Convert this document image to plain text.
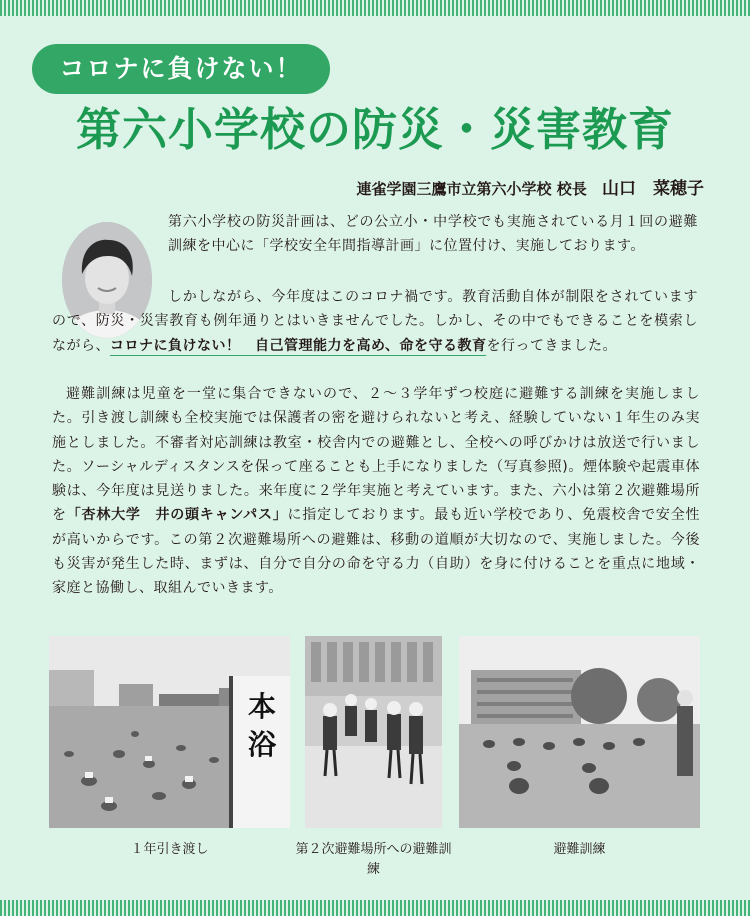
コロナに負けない！
第六小学校の防災・災害教育
連雀学園三鷹市立第六小学校 校長 山口　菜穂子
第六小学校の防災計画は、どの公立小・中学校でも実施されている月１回の避難訓練を中心に「学校安全年間指導計画」に位置付け、実施しております。
しかしながら、今年度はこのコロナ禍です。教育活動自体が制限をされていますので、防災・災害教育も例年通りとはいきませんでした。しかし、その中でもできることを模索しながら、コロナに負けない！　自己管理能力を高め、命を守る教育を行ってきました。
避難訓練は児童を一堂に集合できないので、２～３学年ずつ校庭に避難する訓練を実施しました。引き渡し訓練も全校実施では保護者の密を避けられないと考え、経験していない１年生のみ実施としました。不審者対応訓練は教室・校舎内での避難とし、全校への呼びかけは放送で行いました。ソーシャルディスタンスを保って座ることも上手になりました（写真参照)。煙体験や起震車体験は、今年度は見送りました。来年度に２学年実施と考えています。また、六小は第２次避難場所を「杏林大学　井の頭キャンパス」に指定しております。最も近い学校であり、免震校舎で安全性が高いからです。この第２次避難場所への避難は、移動の道順が大切なので、実施しました。今後も災害が発生した時、まずは、自分で自分の命を守る力（自助）を身に付けることを重点に地域・家庭と協働し、取組んでいきます。
本
浴
１年引き渡し	第２次避難場所への避難訓練
避難訓練
